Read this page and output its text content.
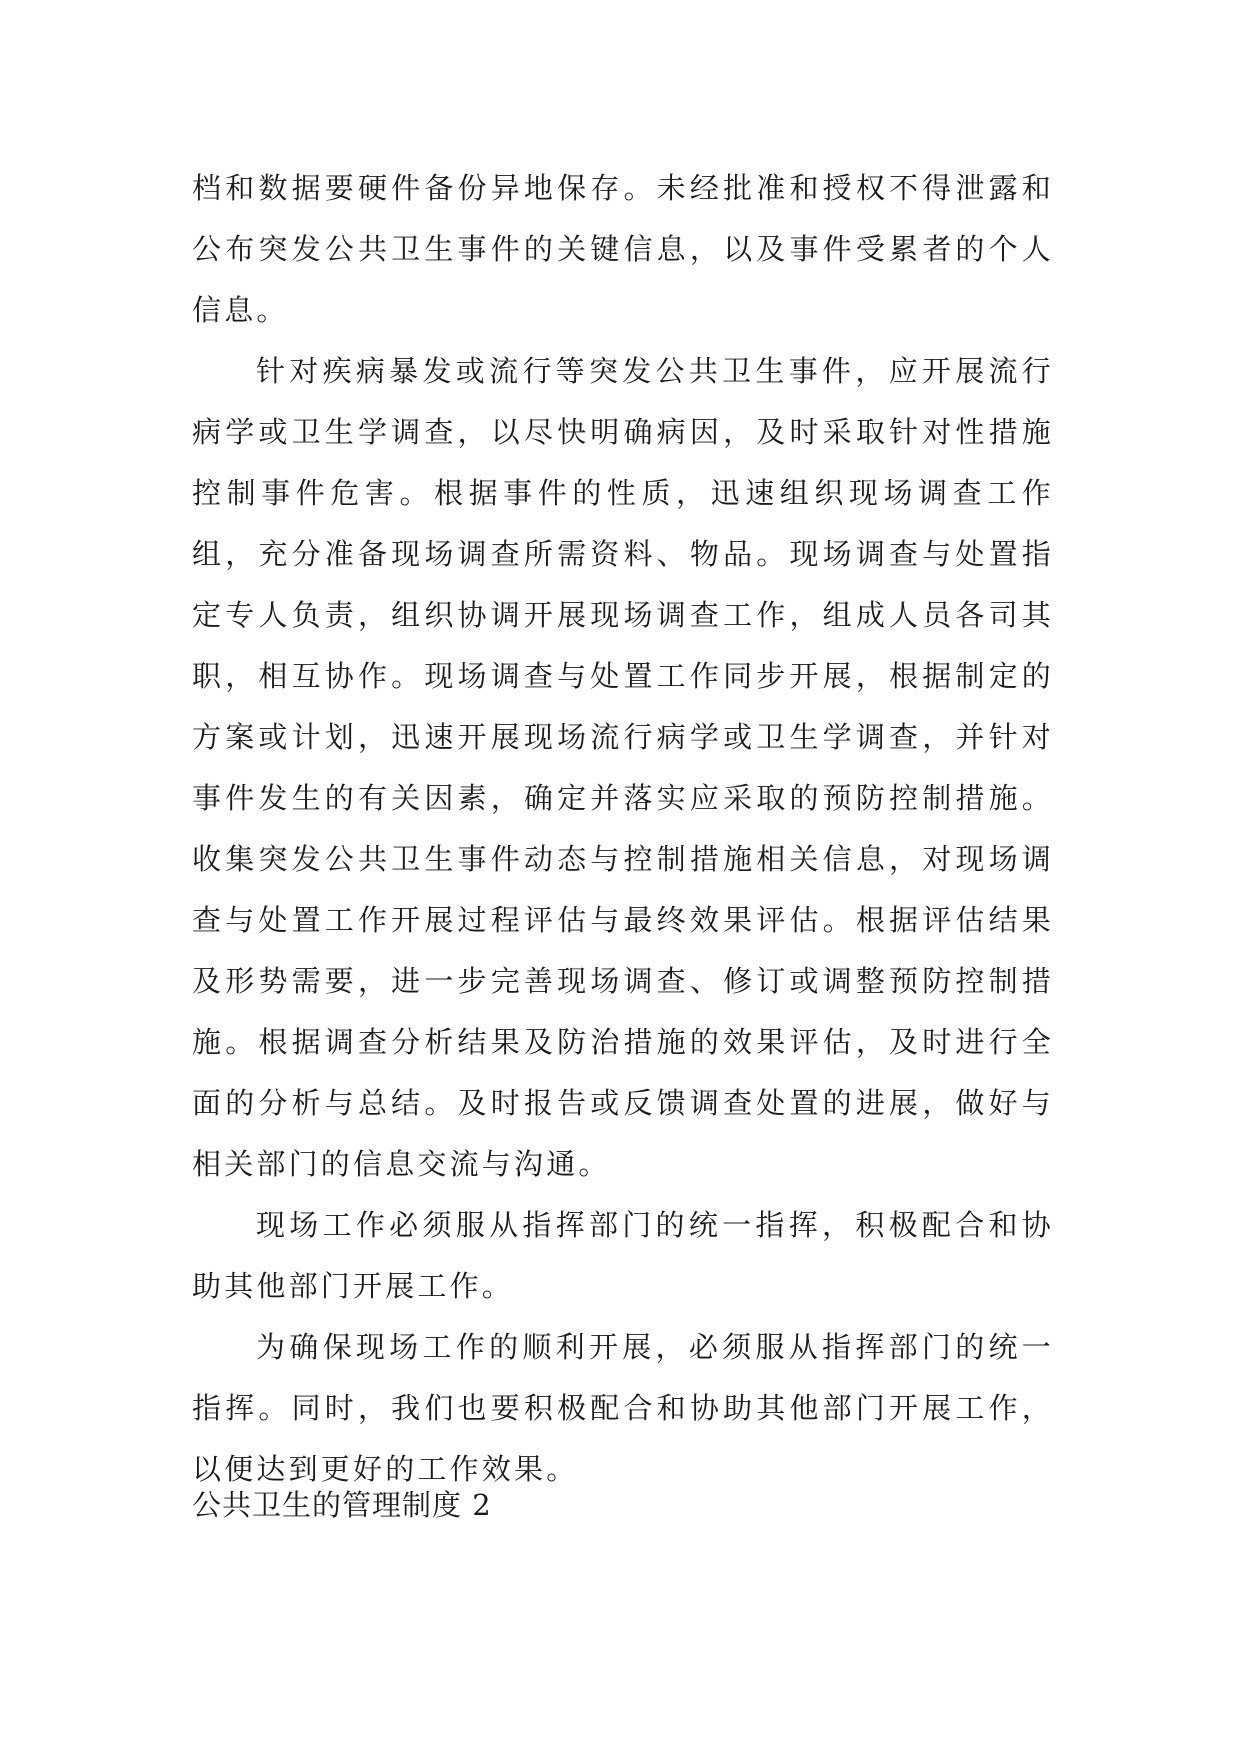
档和数据要硬件备份异地保存。未经批准和授权不得泄露和公布突发公共卫生事件的关键信息，以及事件受累者的个人信息。

针对疾病暴发或流行等突发公共卫生事件，应开展流行病学或卫生学调查，以尽快明确病因，及时采取针对性措施控制事件危害。根据事件的性质，迅速组织现场调查工作组，充分准备现场调查所需资料、物品。现场调查与处置指定专人负责，组织协调开展现场调查工作，组成人员各司其职，相互协作。现场调查与处置工作同步开展，根据制定的方案或计划，迅速开展现场流行病学或卫生学调查，并针对事件发生的有关因素，确定并落实应采取的预防控制措施。收集突发公共卫生事件动态与控制措施相关信息，对现场调查与处置工作开展过程评估与最终效果评估。根据评估结果及形势需要，进一步完善现场调查、修订或调整预防控制措施。根据调查分析结果及防治措施的效果评估，及时进行全面的分析与总结。及时报告或反馈调查处置的进展，做好与相关部门的信息交流与沟通。

现场工作必须服从指挥部门的统一指挥，积极配合和协助其他部门开展工作。

为确保现场工作的顺利开展，必须服从指挥部门的统一指挥。同时，我们也要积极配合和协助其他部门开展工作，以便达到更好的工作效果。

公共卫生的管理制度 2
